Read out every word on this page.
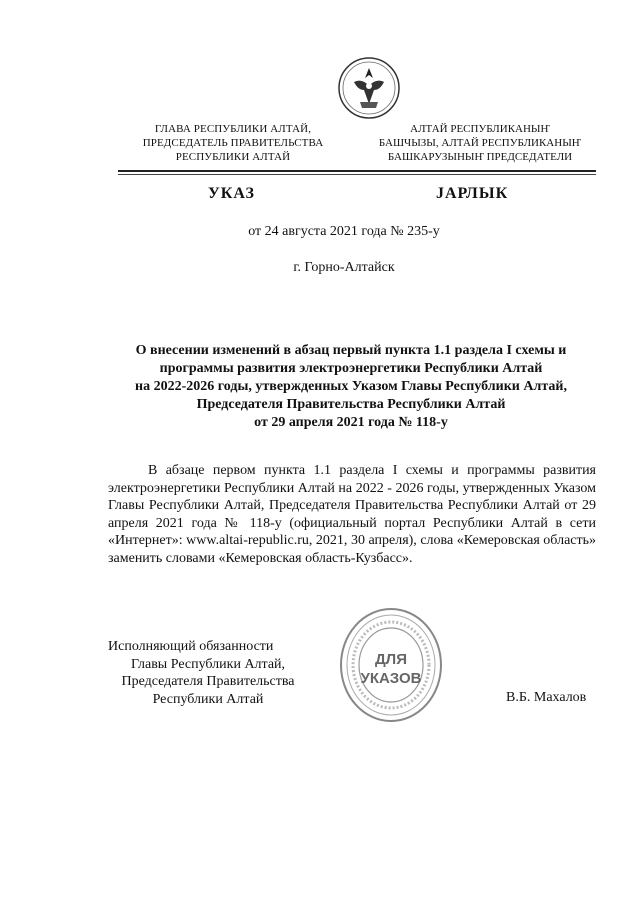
ГЛАВА РЕСПУБЛИКИ АЛТАЙ,
ПРЕДСЕДАТЕЛЬ ПРАВИТЕЛЬСТВА
РЕСПУБЛИКИ АЛТАЙ
АЛТАЙ РЕСПУБЛИКАНЫҤ
БАШЧЫЗЫ, АЛТАЙ РЕСПУБЛИКАНЫҤ
БАШКАРУЗЫНЫҤ ПРЕДСЕДАТЕЛИ
УКАЗ	ЈАРЛЫК
от 24 августа 2021 года № 235-у
г. Горно-Алтайск
О внесении изменений в абзац первый пункта 1.1 раздела I схемы и
программы развития электроэнергетики Республики Алтай
на 2022-2026 годы, утвержденных Указом Главы Республики Алтай,
Председателя Правительства Республики Алтай
от 29 апреля 2021 года № 118-у
В абзаце первом пункта 1.1 раздела I схемы и программы развития электроэнергетики Республики Алтай на 2022 - 2026 годы, утвержденных Указом Главы Республики Алтай, Председателя Правительства Республики Алтай от 29 апреля 2021 года № 118-у (официальный портал Республики Алтай в сети «Интернет»: www.altai-republic.ru, 2021, 30 апреля), слова «Кемеровская область» заменить словами «Кемеровская область-Кузбасс».
Исполняющий обязанности
Главы Республики Алтай,
Председателя Правительства
Республики Алтай
ДЛЯ
УКАЗОВ
В.Б. Махалов
